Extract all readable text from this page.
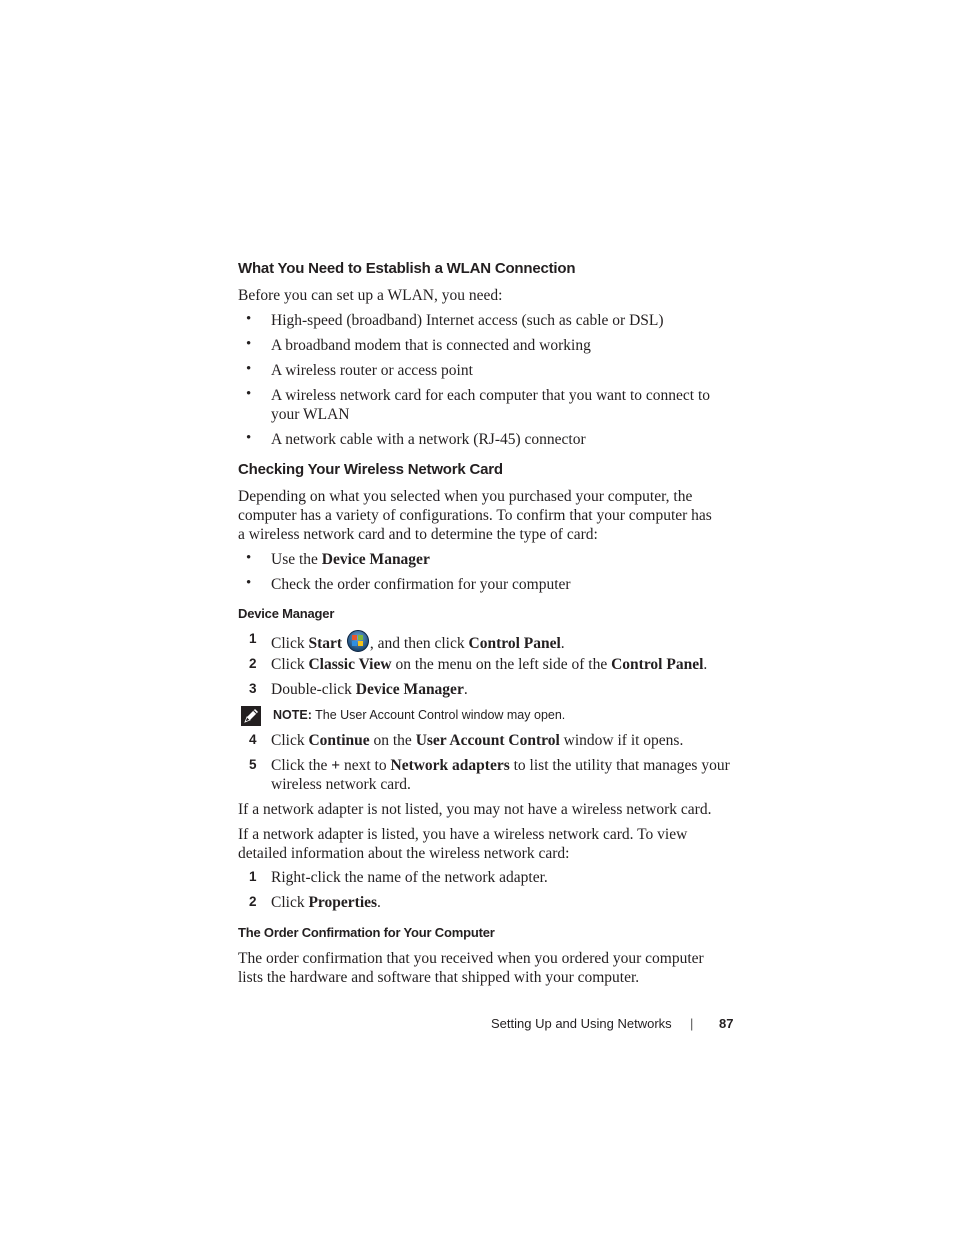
What You Need to Establish a WLAN Connection
Before you can set up a WLAN, you need:
• High-speed (broadband) Internet access (such as cable or DSL)
• A broadband modem that is connected and working
• A wireless router or access point
• A wireless network card for each computer that you want to connect to
your WLAN
• A network cable with a network (RJ-45) connector
Checking Your Wireless Network Card
Depending on what you selected when you purchased your computer, the
computer has a variety of configurations. To confirm that your computer has
a wireless network card and to determine the type of card:
• Use the Device Manager
• Check the order confirmation for your computer
Device Manager
1 Click Start , and then click Control Panel.
2 Click Classic View on the menu on the left side of the Control Panel.
3 Double-click Device Manager.
NOTE: The User Account Control window may open.
4 Click Continue on the User Account Control window if it opens.
5 Click the + next to Network adapters to list the utility that manages your
wireless network card.
If a network adapter is not listed, you may not have a wireless network card.
If a network adapter is listed, you have a wireless network card. To view
detailed information about the wireless network card:
1 Right-click the name of the network adapter.
2 Click Properties.
The Order Confirmation for Your Computer
The order confirmation that you received when you ordered your computer
lists the hardware and software that shipped with your computer.
Setting Up and Using Networks | 87
